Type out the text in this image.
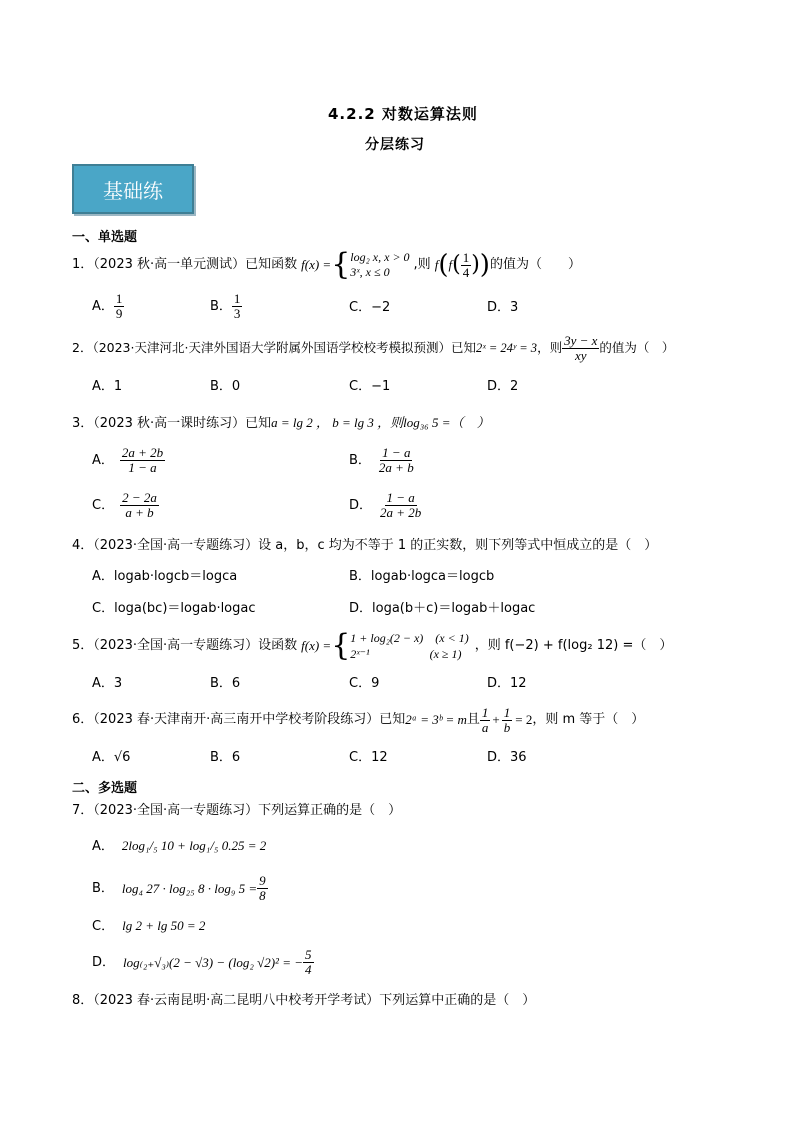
4.2.2 对数运算法则
分层练习
基础练
一、单选题
1．（2023 秋·高一单元测试）已知函数 f(x) = { log₂ x, x > 0
3ˣ, x ≤ 0	,则 f ( f ( $\frac{1}{4}$ ) ) 的值为（　　）
A． $\frac{1}{9}$	B． $\frac{1}{3}$	C．−2	D．3
2．（2023·天津河北·天津外国语大学附属外国语学校校考模拟预测）已知 2ˣ = 24ʸ = 3 ，则 $\frac{3y - x}{xy}$ 的值为（　）
A．1	B．0	C．−1	D．2
3．（2023 秋·高一课时练习）已知a = lg 2 ， b = lg 3 ，则log₃₆ 5 =（　）
A． $\frac{2a + 2b}{1 - a}$	B． $\frac{1 - a}{2a + b}$
C． $\frac{2 - 2a}{a + b}$	D． $\frac{1 - a}{2a + 2b}$
4．（2023·全国·高一专题练习）设 a，b，c 均为不等于 1 的正实数，则下列等式中恒成立的是（　）
A．logab·logcb＝logca	B．logab·logca＝logcb
C．loga(bc)＝logab·logac	D．loga(b＋c)＝logab＋logac
5．（2023·全国·高一专题练习）设函数 f(x) = { 1 + log₂(2 − x)　(x < 1)
2ˣ⁻¹　　　　　(x ≥ 1)
，则 f(−2) + f(log₂ 12) =（　）
A．3	B．6	C．9	D．12
6．（2023 春·天津南开·高三南开中学校考阶段练习）已知 2ᵃ = 3ᵇ = m 且 $\frac{1}{a} + \frac{1}{b} = 2$ ，则 m 等于（　）
A．√6	B．6	C．12	D．36
二、多选题
7．（2023·全国·高一专题练习）下列运算正确的是（　）
A． 2log₁/₅ 10 + log₁/₅ 0.25 = 2
B． log₄ 27 · log₂₅ 8 · log₉ $5 = \frac{9}{8}$
C． lg 2 + lg 50 = 2
D． log₍₂₊√₃₎(2 − √3) − (log₂ √2)² = − $\frac{5}{4}$
8．（2023 春·云南昆明·高二昆明八中校考开学考试）下列运算中正确的是（　）
